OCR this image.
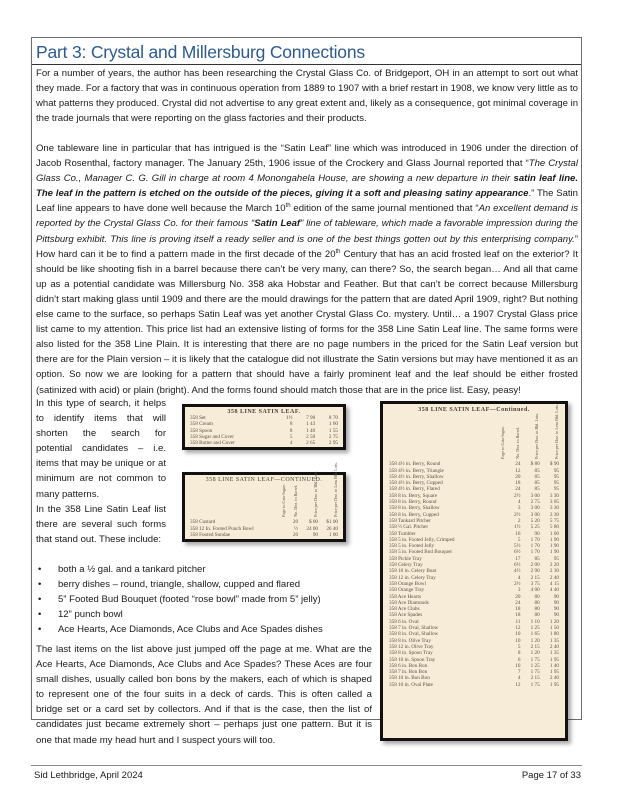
Part 3: Crystal and Millersburg Connections

For a number of years, the author has been researching the Crystal Glass Co. of Bridgeport, OH in an attempt to sort out what they made. For a factory that was in continuous operation from 1889 to 1907 with a brief restart in 1908, we know very little as to what patterns they produced. Crystal did not advertise to any great extent and, likely as a consequence, got minimal coverage in the trade journals that were reporting on the glass factories and their products.

One tableware line in particular that has intrigued is the “Satin Leaf” line which was introduced in 1906 under the direction of Jacob Rosenthal, factory manager. The January 25th, 1906 issue of the Crockery and Glass Journal reported that “The Crystal Glass Co., Manager C. G. Gill in charge at room 4 Monongahela House, are showing a new departure in their satin leaf line. The leaf in the pattern is etched on the outside of the pieces, giving it a soft and pleasing satiny appearance.” The Satin Leaf line appears to have done well because the March 10th edition of the same journal mentioned that “An excellent demand is reported by the Crystal Glass Co. for their famous “Satin Leaf” line of tableware, which made a favorable impression during the Pittsburg exhibit. This line is proving itself a ready seller and is one of the best things gotten out by this enterprising company.” How hard can it be to find a pattern made in the first decade of the 20th Century that has an acid frosted leaf on the exterior? It should be like shooting fish in a barrel because there can’t be very many, can there? So, the search began… And all that came up as a potential candidate was Millersburg No. 358 aka Hobstar and Feather. But that can’t be correct because Millersburg didn’t start making glass until 1909 and there are the mould drawings for the pattern that are dated April 1909, right? But nothing else came to the surface, so perhaps Satin Leaf was yet another Crystal Glass Co. mystery. Until… a 1907 Crystal Glass price list came to my attention. This price list had an extensive listing of forms for the 358 Line Satin Leaf line. The same forms were also listed for the 358 Line Plain. It is interesting that there are no page numbers in the priced for the Satin Leaf version but there are for the Plain version – it is likely that the catalogue did not illustrate the Satin versions but may have mentioned it as an option. So now we are looking for a pattern that should have a fairly prominent leaf and the leaf should be either frosted (satinized with acid) or plain (bright). And the forms found should match those that are in the price list. Easy, peasy!

In this type of search, it helps to identify items that will shorten the search for potential candidates – i.e. items that may be unique or at minimum are not common to many patterns.

In the 358 Line Satin Leaf list there are several such forms that stand out. These include:

• both a ½ gal. and a tankard pitcher
• berry dishes – round, triangle, shallow, cupped and flared
• 5” Footed Bud Bouquet (footed “rose bowl” made from 5” jelly)
• 12” punch bowl
• Ace Hearts, Ace Diamonds, Ace Clubs and Ace Spades dishes

The last items on the list above just jumped off the page at me. What are the Ace Hearts, Ace Diamonds, Ace Clubs and Ace Spades? These Aces are four small dishes, usually called bon bons by the makers, each of which is shaped to represent one of the four suits in a deck of cards. This is often called a bridge set or a card set by collectors. And if that is the case, then the list of candidates just became extremely short – perhaps just one pattern. But it is one that made my head hurt and I suspect yours will too.

358 LINE SATIN LEAF.
358 Set	1½	7 90	8 70
358 Cream	8	1 43	1 60
358 Spoon	8	1 40	1 55
358 Sugar and Cover	5	2 50	2 75
358 Butter and Cover	4	2 65	2 95
358 LINE SATIN LEAF—CONTINUED.
	Page in Cata-logue.	No. Doz. in Barrel.	Price per Doz. in Bbl. Lots.	Price per Doz. in Less Bbl. Lots.
358 Custard		20	$ 00	$1 00
358 12 In. Footed Punch Bowl		½	24 00	26 40
358 Footed Sundae		20	90	1 00
358 LINE SATIN LEAF—Continued.
	Page in Cata-logue.	No. Doz. in Barrel.	Price per Doz. in Bbl. Lots.	Price per Doz. in Less Bbl. Lots.
358 4½ in. Berry, Round		24	$ 80	$ 90
358 4½ in. Berry, Triangle		12	85	95
358 4½ in. Berry, Shallow		20	85	95
358 4½ in. Berry, Cupped		18	85	95
358 4½ in. Berry, Flared		24	85	95
358 8 in. Berry, Square		2½	3 00	3 30
358 8 in. Berry, Round		4	2 75	3 05
358 8 in. Berry, Shallow		3	3 00	3 30
358 8 in. Berry, Cupped		2½	3 00	3 30
358 Tankard Pitcher		2	5 20	5 75
358 ½ Gal. Pitcher		1½	5 25	5 80
358 Tumbler		16	90	1 00
358 5 in. Footed Jelly, Crimped		5	1 70	1 90
358 5 in. Footed Jelly		5½	1 70	1 90
358 5 in. Footed Bud Bouquet		6½	1 70	1 90
358 Pickle Tray		17	85	95
358 Celery Tray		6½	2 00	2 20
358 10 in. Celery Boat		4½	2 90	2 30
358 12 in. Celery Tray		4	2 15	2 40
358 Orange Bowl		2½	3 75	4 15
358 Orange Tray		3	4 00	4 40
358 Ace Hearts		20	80	90
358 Ace Diamonds		24	80	90
358 Ace Clubs		18	80	90
358 Ace Spades		18	80	90
358 6 in. Oval		11	1 10	1 20
358 7 in. Oval, Shallow		12	1 25	1 50
358 8 in. Oval, Shallow		10	1 65	1 80
358 8 in. Olive Tray		10	1 20	1 35
358 12 in. Olive Tray		5	2 15	2 40
358 8 in. Spoon Tray		8	1 20	1 35
358 10 in. Spoon Tray		6	1 75	1 95
358 6 in. Bon Bon		10	1 25	1 40
358 7 in. Bon Bon		7	1 75	1 95
358 10 in. Bon Bon		4	2 15	2 40
358 10 in. Oval Plate		12	1 75	1 95
Sid Lethbridge, April 2024	Page 17 of 33
